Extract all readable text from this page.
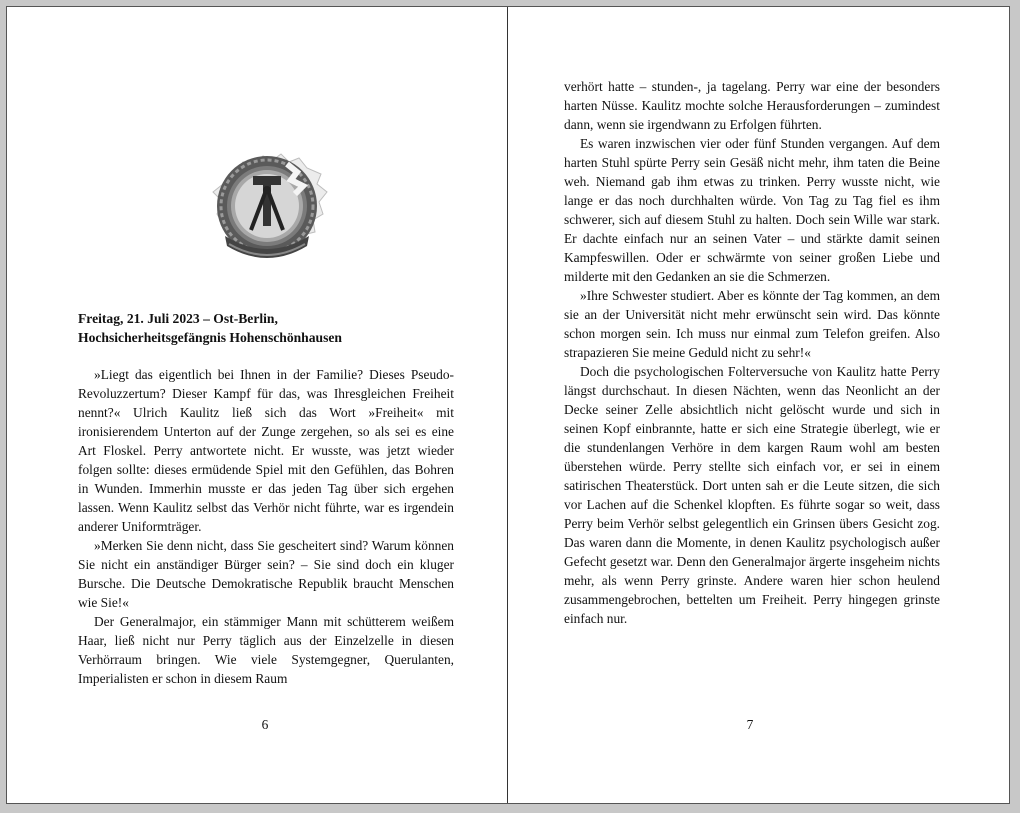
Freitag, 21. Juli 2023 – Ost-Berlin,
Hochsicherheitsgefängnis Hohenschönhausen

»Liegt das eigentlich bei Ihnen in der Familie? Dieses Pseudo-Revoluzzertum? Dieser Kampf für das, was Ihresgleichen Freiheit nennt?« Ulrich Kaulitz ließ sich das Wort »Freiheit« mit ironisierendem Unterton auf der Zunge zergehen, so als sei es eine Art Floskel. Perry antwortete nicht. Er wusste, was jetzt wieder folgen sollte: dieses ermüdende Spiel mit den Gefühlen, das Bohren in Wunden. Immerhin musste er das jeden Tag über sich ergehen lassen. Wenn Kaulitz selbst das Verhör nicht führte, war es irgendein anderer Uniformträger.

»Merken Sie denn nicht, dass Sie gescheitert sind? Warum können Sie nicht ein anständiger Bürger sein? – Sie sind doch ein kluger Bursche. Die Deutsche Demokratische Republik braucht Menschen wie Sie!«

Der Generalmajor, ein stämmiger Mann mit schütterem weißem Haar, ließ nicht nur Perry täglich aus der Einzelzelle in diesen Verhörraum bringen. Wie viele Systemgegner, Querulanten, Imperialisten er schon in diesem Raum

6

verhört hatte – stunden-, ja tagelang. Perry war eine der besonders harten Nüsse. Kaulitz mochte solche Herausforderungen – zumindest dann, wenn sie irgendwann zu Erfolgen führten.

Es waren inzwischen vier oder fünf Stunden vergangen. Auf dem harten Stuhl spürte Perry sein Gesäß nicht mehr, ihm taten die Beine weh. Niemand gab ihm etwas zu trinken. Perry wusste nicht, wie lange er das noch durchhalten würde. Von Tag zu Tag fiel es ihm schwerer, sich auf diesem Stuhl zu halten. Doch sein Wille war stark. Er dachte einfach nur an seinen Vater – und stärkte damit seinen Kampfeswillen. Oder er schwärmte von seiner großen Liebe und milderte mit den Gedanken an sie die Schmerzen.

»Ihre Schwester studiert. Aber es könnte der Tag kommen, an dem sie an der Universität nicht mehr erwünscht sein wird. Das könnte schon morgen sein. Ich muss nur einmal zum Telefon greifen. Also strapazieren Sie meine Geduld nicht zu sehr!«

Doch die psychologischen Folterversuche von Kaulitz hatte Perry längst durchschaut. In diesen Nächten, wenn das Neonlicht an der Decke seiner Zelle absichtlich nicht gelöscht wurde und sich in seinen Kopf einbrannte, hatte er sich eine Strategie überlegt, wie er die stundenlangen Verhöre in dem kargen Raum wohl am besten überstehen würde. Perry stellte sich einfach vor, er sei in einem satirischen Theaterstück. Dort unten sah er die Leute sitzen, die sich vor Lachen auf die Schenkel klopften. Es führte sogar so weit, dass Perry beim Verhör selbst gelegentlich ein Grinsen übers Gesicht zog. Das waren dann die Momente, in denen Kaulitz psychologisch außer Gefecht gesetzt war. Denn den Generalmajor ärgerte insgeheim nichts mehr, als wenn Perry grinste. Andere waren hier schon heulend zusammengebrochen, bettelten um Freiheit. Perry hingegen grinste einfach nur.

7
